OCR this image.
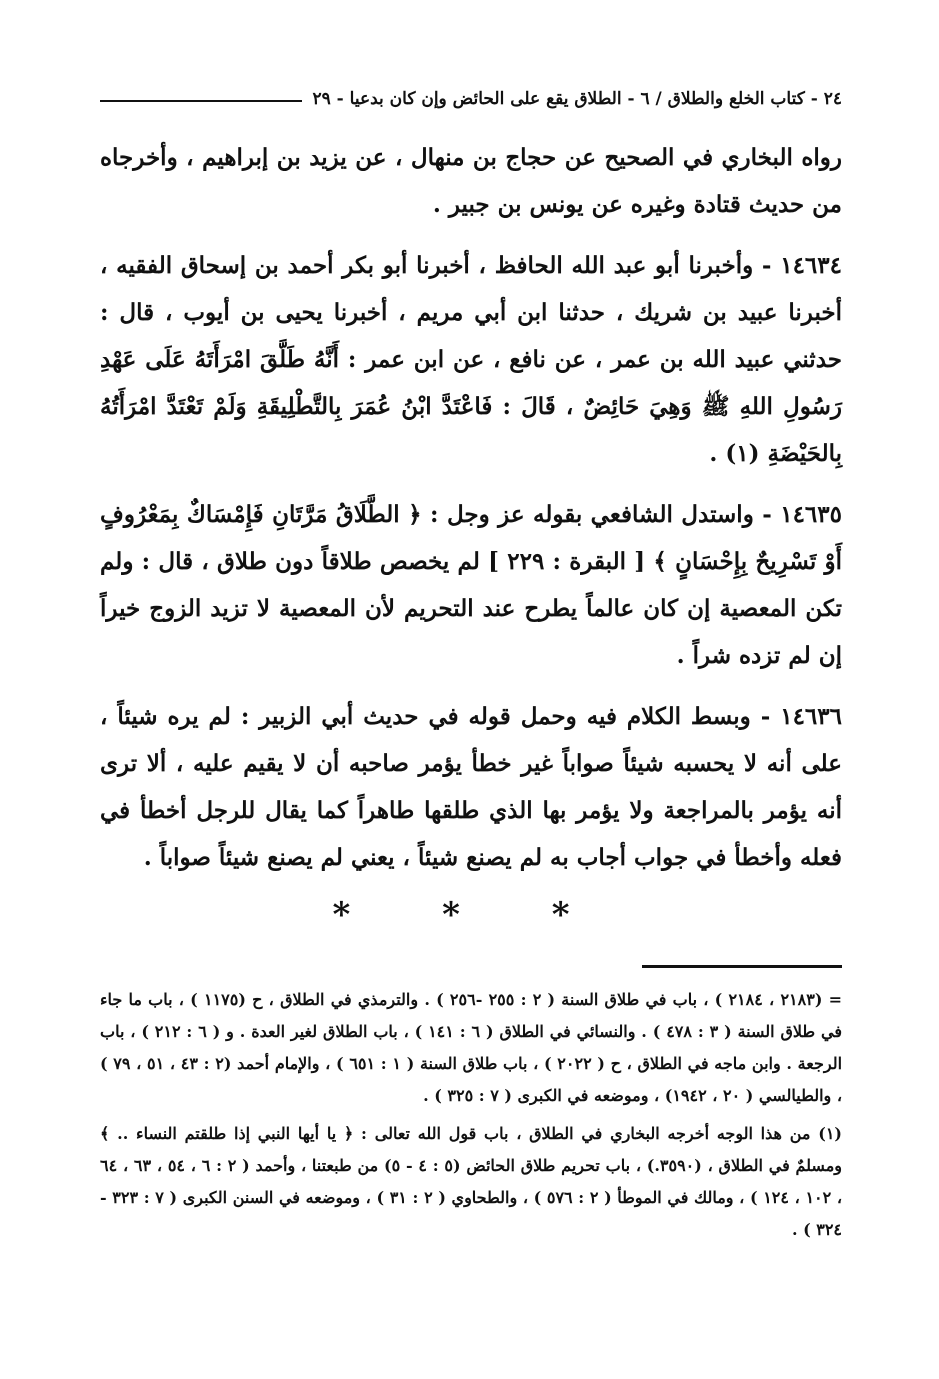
٢٤ - كتاب الخلع والطلاق / ٦ - الطلاق يقع على الحائض وإن كان بدعيا - ٢٩

رواه البخاري في الصحيح عن حجاج بن منهال ، عن يزيد بن إبراهيم ، وأخرجاه من حديث قتادة وغيره عن يونس بن جبير .

١٤٦٣٤ - وأخبرنا أبو عبد الله الحافظ ، أخبرنا أبو بكر أحمد بن إسحاق الفقيه ، أخبرنا عبيد بن شريك ، حدثنا ابن أبي مريم ، أخبرنا يحيى بن أيوب ، قال : حدثني عبيد الله بن عمر ، عن نافع ، عن ابن عمر : أَنَّهُ طَلَّقَ امْرَأَتَهُ عَلَى عَهْدِ رَسُولِ اللهِ ﷺ وَهِيَ حَائِضٌ ، قَالَ : فَاعْتَدَّ ابْنُ عُمَرَ بِالتَّطْلِيقَةِ وَلَمْ تَعْتَدَّ امْرَأَتُهُ بِالحَيْضَةِ (١) .

١٤٦٣٥ - واستدل الشافعي بقوله عز وجل : ﴿ الطَّلَاقُ مَرَّتَانِ فَإِمْسَاكٌ بِمَعْرُوفٍ أَوْ تَسْرِيحٌ بِإِحْسَانٍ ﴾ [ البقرة : ٢٢٩ ] لم يخصص طلاقاً دون طلاق ، قال : ولم تكن المعصية إن كان عالماً يطرح عند التحريم لأن المعصية لا تزيد الزوج خيراً إن لم تزده شراً .

١٤٦٣٦ - وبسط الكلام فيه وحمل قوله في حديث أبي الزبير : لم يره شيئاً ، على أنه لا يحسبه شيئاً صواباً غير خطأ يؤمر صاحبه أن لا يقيم عليه ، ألا ترى أنه يؤمر بالمراجعة ولا يؤمر بها الذي طلقها طاهراً كما يقال للرجل أخطأ في فعله وأخطأ في جواب أجاب به لم يصنع شيئاً ، يعني لم يصنع شيئاً صواباً .

* * *

= (٢١٨٣ ، ٢١٨٤ ) ، باب في طلاق السنة ( ٢ : ٢٥٥ -٢٥٦ ) . والترمذي في الطلاق ، ح (١١٧٥ ) ، باب ما جاء في طلاق السنة ( ٣ : ٤٧٨ ) . والنسائي في الطلاق ( ٦ : ١٤١ ) ، باب الطلاق لغير العدة . و ( ٦ : ٢١٢ ) ، باب الرجعة . وابن ماجه في الطلاق ، ح ( ٢٠٢٢ ) ، باب طلاق السنة ( ١ : ٦٥١ ) ، والإمام أحمد (٢ : ٤٣ ، ٥١ ، ٧٩ ) ، والطيالسي ( ٢٠ ، ١٩٤٢) ، وموضعه في الكبرى ( ٧ : ٣٢٥ ) .

(١) من هذا الوجه أخرجه البخاري في الطلاق ، باب قول الله تعالى : ﴿ يا أيها النبي إذا طلقتم النساء .. ﴾ ومسلمٌ في الطلاق ، (٣٥٩٠.) ، باب تحريم طلاق الحائض (٥ : ٤ - ٥) من طبعتنا ، وأحمد ( ٢ : ٦ ، ٥٤ ، ٦٣ ، ٦٤ ، ١٠٢ ، ١٢٤ ) ، ومالك في الموطأ ( ٢ : ٥٧٦ ) ، والطحاوي ( ٢ : ٣١ ) ، وموضعه في السنن الكبرى ( ٧ : ٣٢٣ - ٣٢٤ ) .
